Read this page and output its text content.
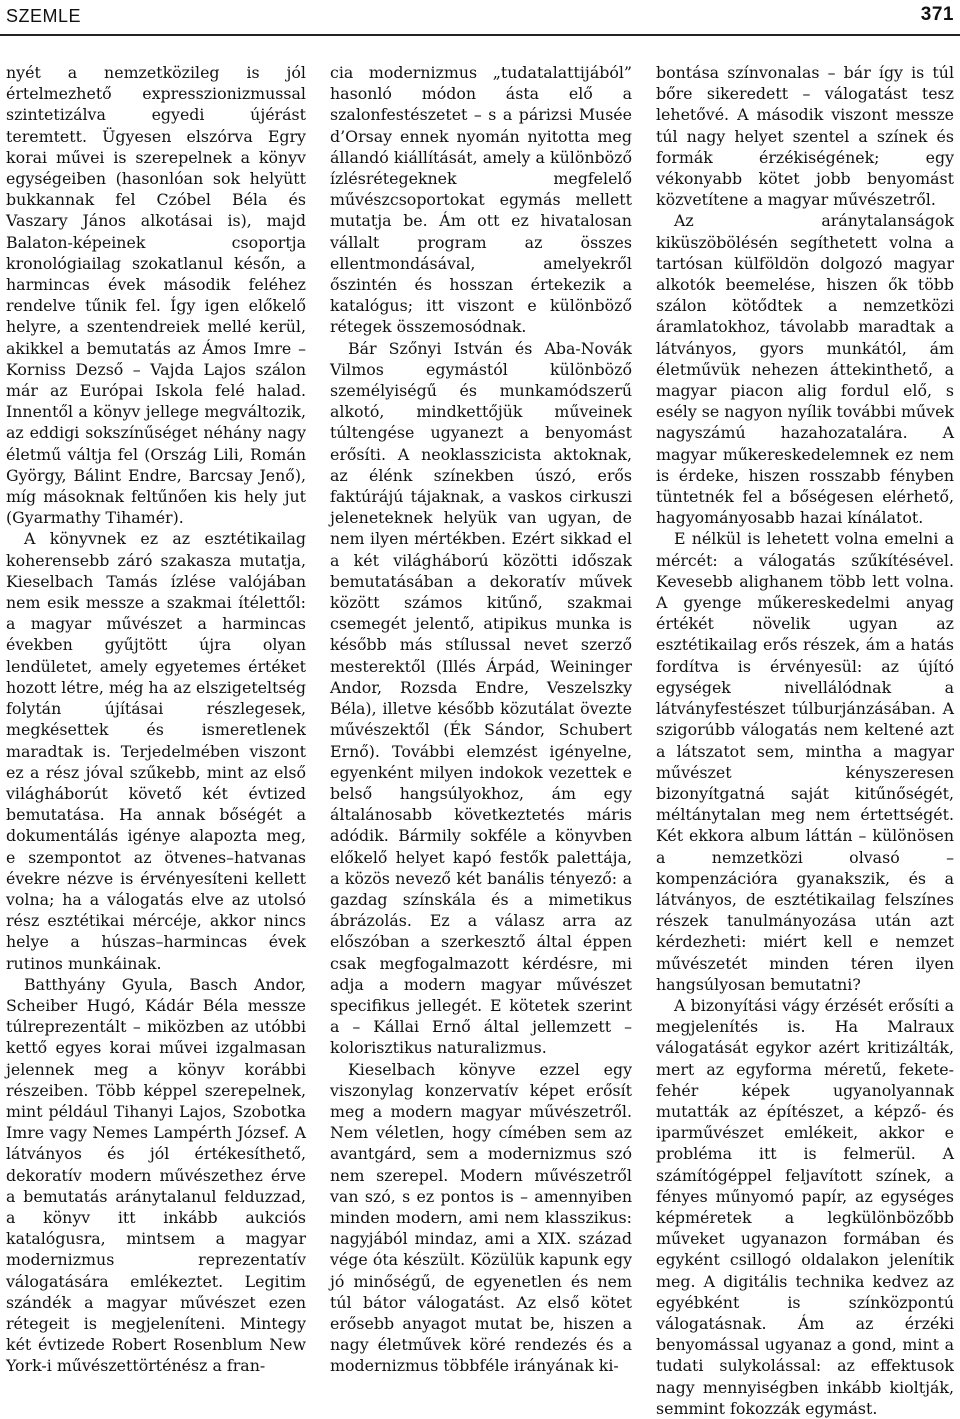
SZEMLE	371

nyét a nemzetközileg is jól értelmezhető expresszionizmussal szintetizálva egyedi újérást teremtett. Ügyesen elszórva Egry korai művei is szerepelnek a könyv egységeiben (hasonlóan sok helyütt bukkannak fel Czóbel Béla és Vaszary János alkotásai is), majd Balaton-képeinek csoportja kronológiailag szokatlanul későn, a harmincas évek második feléhez rendelve tűnik fel. Így igen előkelő helyre, a szentendreiek mellé kerül, akikkel a bemutatás az Ámos Imre – Korniss Dezső – Vajda Lajos szálon már az Európai Iskola felé halad. Innentől a könyv jellege megváltozik, az eddigi sokszínűséget néhány nagy életmű váltja fel (Ország Lili, Román György, Bálint Endre, Barcsay Jenő), míg másoknak feltűnően kis hely jut (Gyarmathy Tihamér).

A könyvnek ez az esztétikailag koherensebb záró szakasza mutatja, Kieselbach Tamás ízlése valójában nem esik messze a szakmai ítélettől: a magyar művészet a harmincas években gyűjtött újra olyan lendületet, amely egyetemes értéket hozott létre, még ha az elszigeteltség folytán újításai részlegesek, megkésettek és ismeretlenek maradtak is. Terjedelmében viszont ez a rész jóval szűkebb, mint az első világháborút követő két évtized bemutatása. Ha annak bőségét a dokumentálás igénye alapozta meg, e szempontot az ötvenes–hatvanas évekre nézve is érvényesíteni kellett volna; ha a válogatás elve az utolsó rész esztétikai mércéje, akkor nincs helye a húszas–harmincas évek rutinos munkáinak.

Batthyány Gyula, Basch Andor, Scheiber Hugó, Kádár Béla messze túlreprezentált – miközben az utóbbi kettő egyes korai művei izgalmasan jelennek meg a könyv korábbi részeiben. Több képpel szerepelnek, mint például Tihanyi Lajos, Szobotka Imre vagy Nemes Lampérth József. A látványos és jól értékesíthető, dekoratív modern művészethez érve a bemutatás aránytalanul felduzzad, a könyv itt inkább aukciós katalógusra, mintsem a magyar modernizmus reprezentatív válogatására emlékeztet. Legitim szándék a magyar művészet ezen rétegeit is megjeleníteni. Mintegy két évtizede Robert Rosenblum New York-i művészettörténész a fran-

cia modernizmus „tudatalattijából” hasonló módon ásta elő a szalonfestészetet – s a párizsi Musée d’Orsay ennek nyomán nyitotta meg állandó kiállítását, amely a különböző ízlésrétegeknek megfelelő művészcsoportokat egymás mellett mutatja be. Ám ott ez hivatalosan vállalt program az összes ellentmondásával, amelyekről őszintén és hosszan értekezik a katalógus; itt viszont e különböző rétegek összemosódnak.

Bár Szőnyi István és Aba-Novák Vilmos egymástól különböző személyiségű és munkamódszerű alkotó, mindkettőjük műveinek túltengése ugyanezt a benyomást erősíti. A neoklasszicista aktoknak, az élénk színekben úszó, erős faktúrájú tájaknak, a vaskos cirkuszi jeleneteknek helyük van ugyan, de nem ilyen mértékben. Ezért sikkad el a két világháború közötti időszak bemutatásában a dekoratív művek között számos kitűnő, szakmai csemegét jelentő, atipikus munka is később más stílussal nevet szerző mesterektől (Illés Árpád, Weininger Andor, Rozsda Endre, Veszelszky Béla), illetve később közutálat övezte művészektől (Ék Sándor, Schubert Ernő). További elemzést igényelne, egyenként milyen indokok vezettek e belső hangsúlyokhoz, ám egy általánosabb következtetés máris adódik. Bármily sokféle a könyvben előkelő helyet kapó festők palettája, a közös nevező két banális tényező: a gazdag színskála és a mimetikus ábrázolás. Ez a válasz arra az előszóban a szerkesztő által éppen csak megfogalmazott kérdésre, mi adja a modern magyar művészet specifikus jellegét. E kötetek szerint a – Kállai Ernő által jellemzett – kolorisztikus naturalizmus.

Kieselbach könyve ezzel egy viszonylag konzervatív képet erősít meg a modern magyar művészetről. Nem véletlen, hogy címében sem az avantgárd, sem a modernizmus szó nem szerepel. Modern művészetről van szó, s ez pontos is – amennyiben minden modern, ami nem klasszikus: nagyjából mindaz, ami a XIX. század vége óta készült. Közülük kapunk egy jó minőségű, de egyenetlen és nem túl bátor válogatást. Az első kötet erősebb anyagot mutat be, hiszen a nagy életművek köré rendezés és a modernizmus többféle irányának ki-

bontása színvonalas – bár így is túl bőre sikeredett – válogatást tesz lehetővé. A második viszont messze túl nagy helyet szentel a színek és formák érzékiségének; egy vékonyabb kötet jobb benyomást közvetítene a magyar művészetről.

Az aránytalanságok kiküszöbölésén segíthetett volna a tartósan külföldön dolgozó magyar alkotók beemelése, hiszen ők több szálon kötődtek a nemzetközi áramlatokhoz, távolabb maradtak a látványos, gyors munkától, ám életművük nehezen áttekinthető, a magyar piacon alig fordul elő, s esély se nagyon nyílik további művek nagyszámú hazahozatalára. A magyar műkereskedelemnek ez nem is érdeke, hiszen rosszabb fényben tüntetnék fel a bőségesen elérhető, hagyományosabb hazai kínálatot.

E nélkül is lehetett volna emelni a mércét: a válogatás szűkítésével. Kevesebb alighanem több lett volna. A gyenge műkereskedelmi anyag értékét növelik ugyan az esztétikailag erős részek, ám a hatás fordítva is érvényesül: az újító egységek nivellálódnak a látványfestészet túlburjánzásában. A szigorúbb válogatás nem keltené azt a látszatot sem, mintha a magyar művészet kényszeresen bizonyítgatná saját kitűnőségét, méltánytalan meg nem értettségét. Két ekkora album láttán – különösen a nemzetközi olvasó – kompenzációra gyanakszik, és a látványos, de esztétikailag felszínes részek tanulmányozása után azt kérdezheti: miért kell e nemzet művészetét minden téren ilyen hangsúlyosan bemutatni?

A bizonyítási vágy érzését erősíti a megjelenítés is. Ha Malraux válogatását egykor azért kritizálták, mert az egyforma méretű, fekete-fehér képek ugyanolyannak mutatták az építészet, a képző- és iparművészet emlékeit, akkor e probléma itt is felmerül. A számítógéppel feljavított színek, a fényes műnyomó papír, az egységes képméretek a legkülönbözőbb műveket ugyanazon formában és egyként csillogó oldalakon jelenítik meg. A digitális technika kedvez az egyébként is színközpontú válogatásnak. Ám az érzéki benyomással ugyanaz a gond, mint a tudati sulykolással: az effektusok nagy mennyiségben inkább kioltják, semmint fokozzák egymást.
